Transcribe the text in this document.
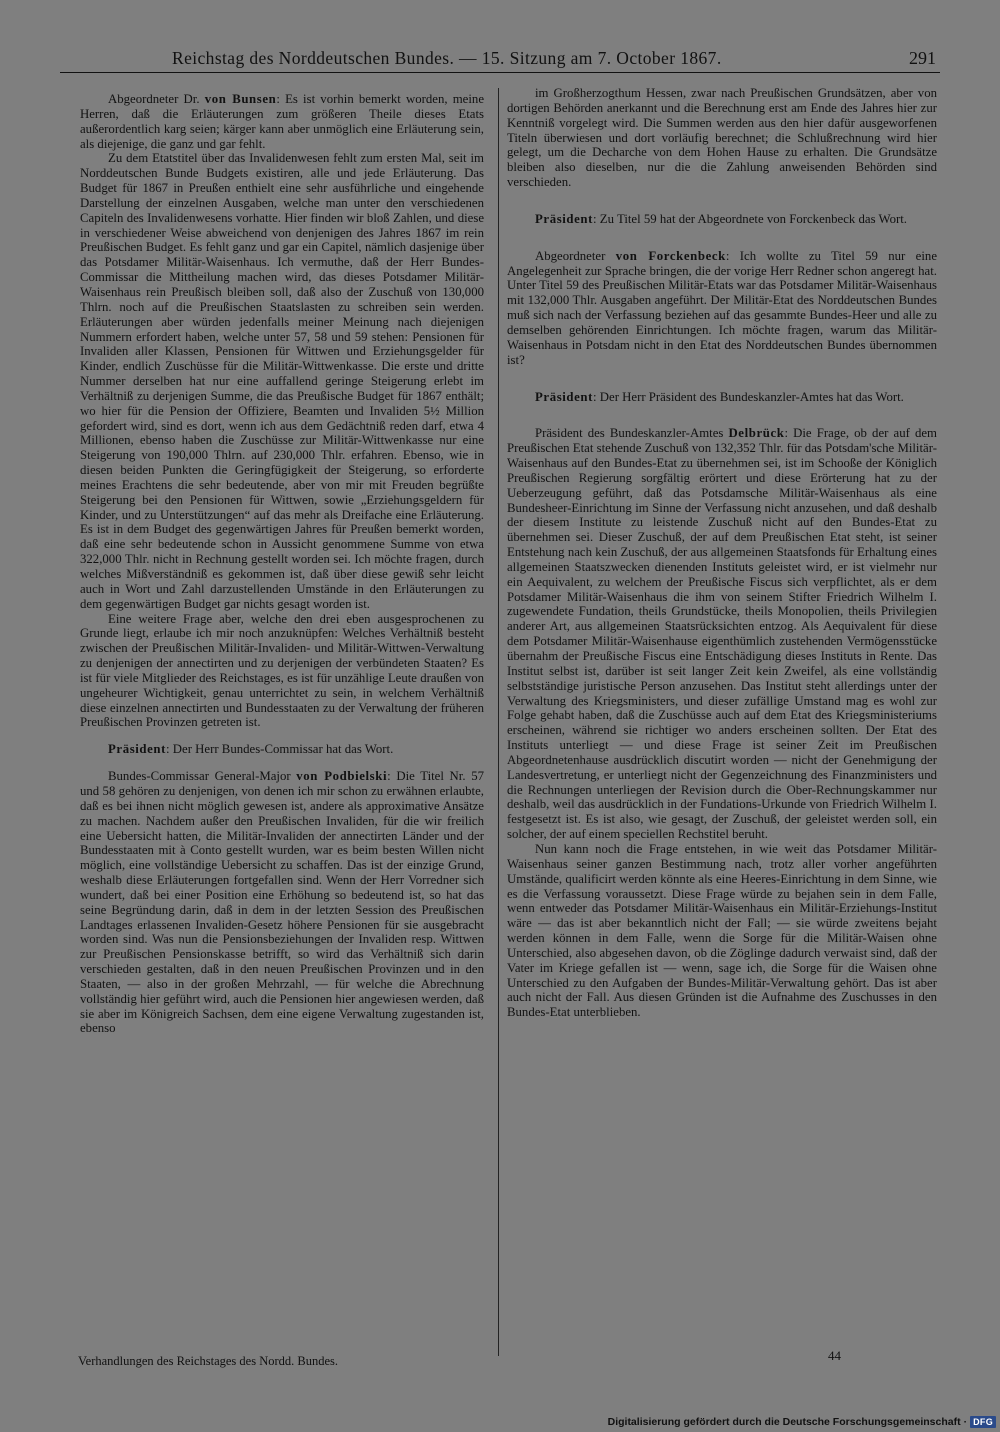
Reichstag des Norddeutschen Bundes. — 15. Sitzung am 7. October 1867.	291

Abgeordneter Dr. von Bunsen: Es ist vorhin bemerkt worden, meine Herren, daß die Erläuterungen zum größeren Theile dieses Etats außerordentlich karg seien; kärger kann aber unmöglich eine Erläuterung sein, als diejenige, die ganz und gar fehlt.

Zu dem Etatstitel über das Invalidenwesen fehlt zum ersten Mal, seit im Norddeutschen Bunde Budgets existiren, alle und jede Erläuterung. Das Budget für 1867 in Preußen enthielt eine sehr ausführliche und eingehende Darstellung der einzelnen Ausgaben, welche man unter den verschiedenen Capiteln des Invalidenwesens vorhatte. Hier finden wir bloß Zahlen, und diese in verschiedener Weise abweichend von denjenigen des Jahres 1867 im rein Preußischen Budget. Es fehlt ganz und gar ein Capitel, nämlich dasjenige über das Potsdamer Militär-Waisenhaus. Ich vermuthe, daß der Herr Bundes-Commissar die Mittheilung machen wird, das dieses Potsdamer Militär-Waisenhaus rein Preußisch bleiben soll, daß also der Zuschuß von 130,000 Thlrn. noch auf die Preußischen Staatslasten zu schreiben sein werden. Erläuterungen aber würden jedenfalls meiner Meinung nach diejenigen Nummern erfordert haben, welche unter 57, 58 und 59 stehen: Pensionen für Invaliden aller Klassen, Pensionen für Wittwen und Erziehungsgelder für Kinder, endlich Zuschüsse für die Militär-Wittwenkasse. Die erste und dritte Nummer derselben hat nur eine auffallend geringe Steigerung erlebt im Verhältniß zu derjenigen Summe, die das Preußische Budget für 1867 enthält; wo hier für die Pension der Offiziere, Beamten und Invaliden 5½ Million gefordert wird, sind es dort, wenn ich aus dem Gedächtniß reden darf, etwa 4 Millionen, ebenso haben die Zuschüsse zur Militär-Wittwenkasse nur eine Steigerung von 190,000 Thlrn. auf 230,000 Thlr. erfahren. Ebenso, wie in diesen beiden Punkten die Geringfügigkeit der Steigerung, so erforderte meines Erachtens die sehr bedeutende, aber von mir mit Freuden begrüßte Steigerung bei den Pensionen für Wittwen, sowie „Erziehungsgeldern für Kinder, und zu Unterstützungen“ auf das mehr als Dreifache eine Erläuterung. Es ist in dem Budget des gegenwärtigen Jahres für Preußen bemerkt worden, daß eine sehr bedeutende schon in Aussicht genommene Summe von etwa 322,000 Thlr. nicht in Rechnung gestellt worden sei. Ich möchte fragen, durch welches Mißverständniß es gekommen ist, daß über diese gewiß sehr leicht auch in Wort und Zahl darzustellenden Umstände in den Erläuterungen zu dem gegenwärtigen Budget gar nichts gesagt worden ist.

Eine weitere Frage aber, welche den drei eben ausgesprochenen zu Grunde liegt, erlaube ich mir noch anzuknüpfen: Welches Verhältniß besteht zwischen der Preußischen Militär-Invaliden- und Militär-Wittwen-Verwaltung zu denjenigen der annectirten und zu derjenigen der verbündeten Staaten? Es ist für viele Mitglieder des Reichstages, es ist für unzählige Leute draußen von ungeheurer Wichtigkeit, genau unterrichtet zu sein, in welchem Verhältniß diese einzelnen annectirten und Bundesstaaten zu der Verwaltung der früheren Preußischen Provinzen getreten ist.

Präsident: Der Herr Bundes-Commissar hat das Wort.

Bundes-Commissar General-Major von Podbielski: Die Titel Nr. 57 und 58 gehören zu denjenigen, von denen ich mir schon zu erwähnen erlaubte, daß es bei ihnen nicht möglich gewesen ist, andere als approximative Ansätze zu machen. Nachdem außer den Preußischen Invaliden, für die wir freilich eine Uebersicht hatten, die Militär-Invaliden der annectirten Länder und der Bundesstaaten mit à Conto gestellt wurden, war es beim besten Willen nicht möglich, eine vollständige Uebersicht zu schaffen. Das ist der einzige Grund, weshalb diese Erläuterungen fortgefallen sind. Wenn der Herr Vorredner sich wundert, daß bei einer Position eine Erhöhung so bedeutend ist, so hat das seine Begründung darin, daß in dem in der letzten Session des Preußischen Landtages erlassenen Invaliden-Gesetz höhere Pensionen für sie ausgebracht worden sind. Was nun die Pensionsbeziehungen der Invaliden resp. Wittwen zur Preußischen Pensionskasse betrifft, so wird das Verhältniß sich darin verschieden gestalten, daß in den neuen Preußischen Provinzen und in den Staaten, — also in der großen Mehrzahl, — für welche die Abrechnung vollständig hier geführt wird, auch die Pensionen hier angewiesen werden, daß sie aber im Königreich Sachsen, dem eine eigene Verwaltung zugestanden ist, ebenso

im Großherzogthum Hessen, zwar nach Preußischen Grundsätzen, aber von dortigen Behörden anerkannt und die Berechnung erst am Ende des Jahres hier zur Kenntniß vorgelegt wird. Die Summen werden aus den hier dafür ausgeworfenen Titeln überwiesen und dort vorläufig berechnet; die Schlußrechnung wird hier gelegt, um die Decharche von dem Hohen Hause zu erhalten. Die Grundsätze bleiben also dieselben, nur die die Zahlung anweisenden Behörden sind verschieden.

Präsident: Zu Titel 59 hat der Abgeordnete von Forckenbeck das Wort.

Abgeordneter von Forckenbeck: Ich wollte zu Titel 59 nur eine Angelegenheit zur Sprache bringen, die der vorige Herr Redner schon angeregt hat. Unter Titel 59 des Preußischen Militär-Etats war das Potsdamer Militär-Waisenhaus mit 132,000 Thlr. Ausgaben angeführt. Der Militär-Etat des Norddeutschen Bundes muß sich nach der Verfassung beziehen auf das gesammte Bundes-Heer und alle zu demselben gehörenden Einrichtungen. Ich möchte fragen, warum das Militär-Waisenhaus in Potsdam nicht in den Etat des Norddeutschen Bundes übernommen ist?

Präsident: Der Herr Präsident des Bundeskanzler-Amtes hat das Wort.

Präsident des Bundeskanzler-Amtes Delbrück: Die Frage, ob der auf dem Preußischen Etat stehende Zuschuß von 132,352 Thlr. für das Potsdam'sche Militär-Waisenhaus auf den Bundes-Etat zu übernehmen sei, ist im Schooße der Königlich Preußischen Regierung sorgfältig erörtert und diese Erörterung hat zu der Ueberzeugung geführt, daß das Potsdamsche Militär-Waisenhaus als eine Bundesheer-Einrichtung im Sinne der Verfassung nicht anzusehen, und daß deshalb der diesem Institute zu leistende Zuschuß nicht auf den Bundes-Etat zu übernehmen sei. Dieser Zuschuß, der auf dem Preußischen Etat steht, ist seiner Entstehung nach kein Zuschuß, der aus allgemeinen Staatsfonds für Erhaltung eines allgemeinen Staatszwecken dienenden Instituts geleistet wird, er ist vielmehr nur ein Aequivalent, zu welchem der Preußische Fiscus sich verpflichtet, als er dem Potsdamer Militär-Waisenhaus die ihm von seinem Stifter Friedrich Wilhelm I. zugewendete Fundation, theils Grundstücke, theils Monopolien, theils Privilegien anderer Art, aus allgemeinen Staatsrücksichten entzog. Als Aequivalent für diese dem Potsdamer Militär-Waisenhause eigenthümlich zustehenden Vermögensstücke übernahm der Preußische Fiscus eine Entschädigung dieses Instituts in Rente. Das Institut selbst ist, darüber ist seit langer Zeit kein Zweifel, als eine vollständig selbstständige juristische Person anzusehen. Das Institut steht allerdings unter der Verwaltung des Kriegsministers, und dieser zufällige Umstand mag es wohl zur Folge gehabt haben, daß die Zuschüsse auch auf dem Etat des Kriegsministeriums erscheinen, während sie richtiger wo anders erscheinen sollten. Der Etat des Instituts unterliegt — und diese Frage ist seiner Zeit im Preußischen Abgeordnetenhause ausdrücklich discutirt worden — nicht der Genehmigung der Landesvertretung, er unterliegt nicht der Gegenzeichnung des Finanzministers und die Rechnungen unterliegen der Revision durch die Ober-Rechnungskammer nur deshalb, weil das ausdrücklich in der Fundations-Urkunde von Friedrich Wilhelm I. festgesetzt ist. Es ist also, wie gesagt, der Zuschuß, der geleistet werden soll, ein solcher, der auf einem speciellen Rechstitel beruht.

Nun kann noch die Frage entstehen, in wie weit das Potsdamer Militär-Waisenhaus seiner ganzen Bestimmung nach, trotz aller vorher angeführten Umstände, qualificirt werden könnte als eine Heeres-Einrichtung in dem Sinne, wie es die Verfassung voraussetzt. Diese Frage würde zu bejahen sein in dem Falle, wenn entweder das Potsdamer Militär-Waisenhaus ein Militär-Erziehungs-Institut wäre — das ist aber bekanntlich nicht der Fall; — sie würde zweitens bejaht werden können in dem Falle, wenn die Sorge für die Militär-Waisen ohne Unterschied, also abgesehen davon, ob die Zöglinge dadurch verwaist sind, daß der Vater im Kriege gefallen ist — wenn, sage ich, die Sorge für die Waisen ohne Unterschied zu den Aufgaben der Bundes-Militär-Verwaltung gehört. Das ist aber auch nicht der Fall. Aus diesen Gründen ist die Aufnahme des Zuschusses in den Bundes-Etat unterblieben.

Verhandlungen des Reichstages des Nordd. Bundes.	44
Digitalisierung gefördert durch die Deutsche Forschungsgemeinschaft · DFG
